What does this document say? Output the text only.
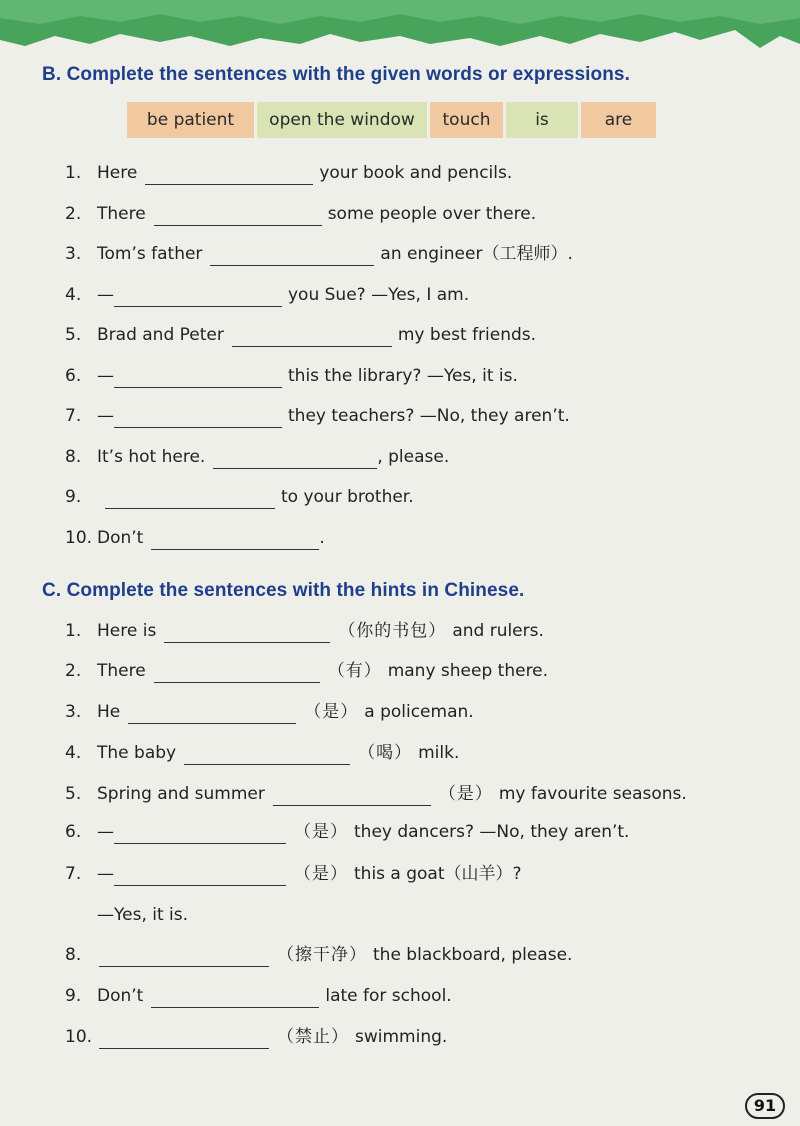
B. Complete the sentences with the given words or expressions.
be patient	open the window	touch	is	are
1. Here	your book and pencils.
2. There	some people over there.
3. Tom’s father	an engineer（工程师）.
4. —	you Sue? —Yes, I am.
5. Brad and Peter	my best friends.
6. —	this the library? —Yes, it is.
7. —	they teachers? —No, they aren’t.
8. It’s hot here.	, please.
9.	to your brother.
10. Don’t	.
C. Complete the sentences with the hints in Chinese.
1. Here is	（你的书包） and rulers.
2. There	（有） many sheep there.
3. He	（是） a policeman.
4. The baby	（喝） milk.
5. Spring and summer	（是） my favourite seasons.
6. —	（是） they dancers? —No, they aren’t.
7. —	（是） this a goat（山羊）?
—Yes, it is.
8.	（擦干净） the blackboard, please.
9. Don’t	late for school.
10.	（禁止） swimming.
91
